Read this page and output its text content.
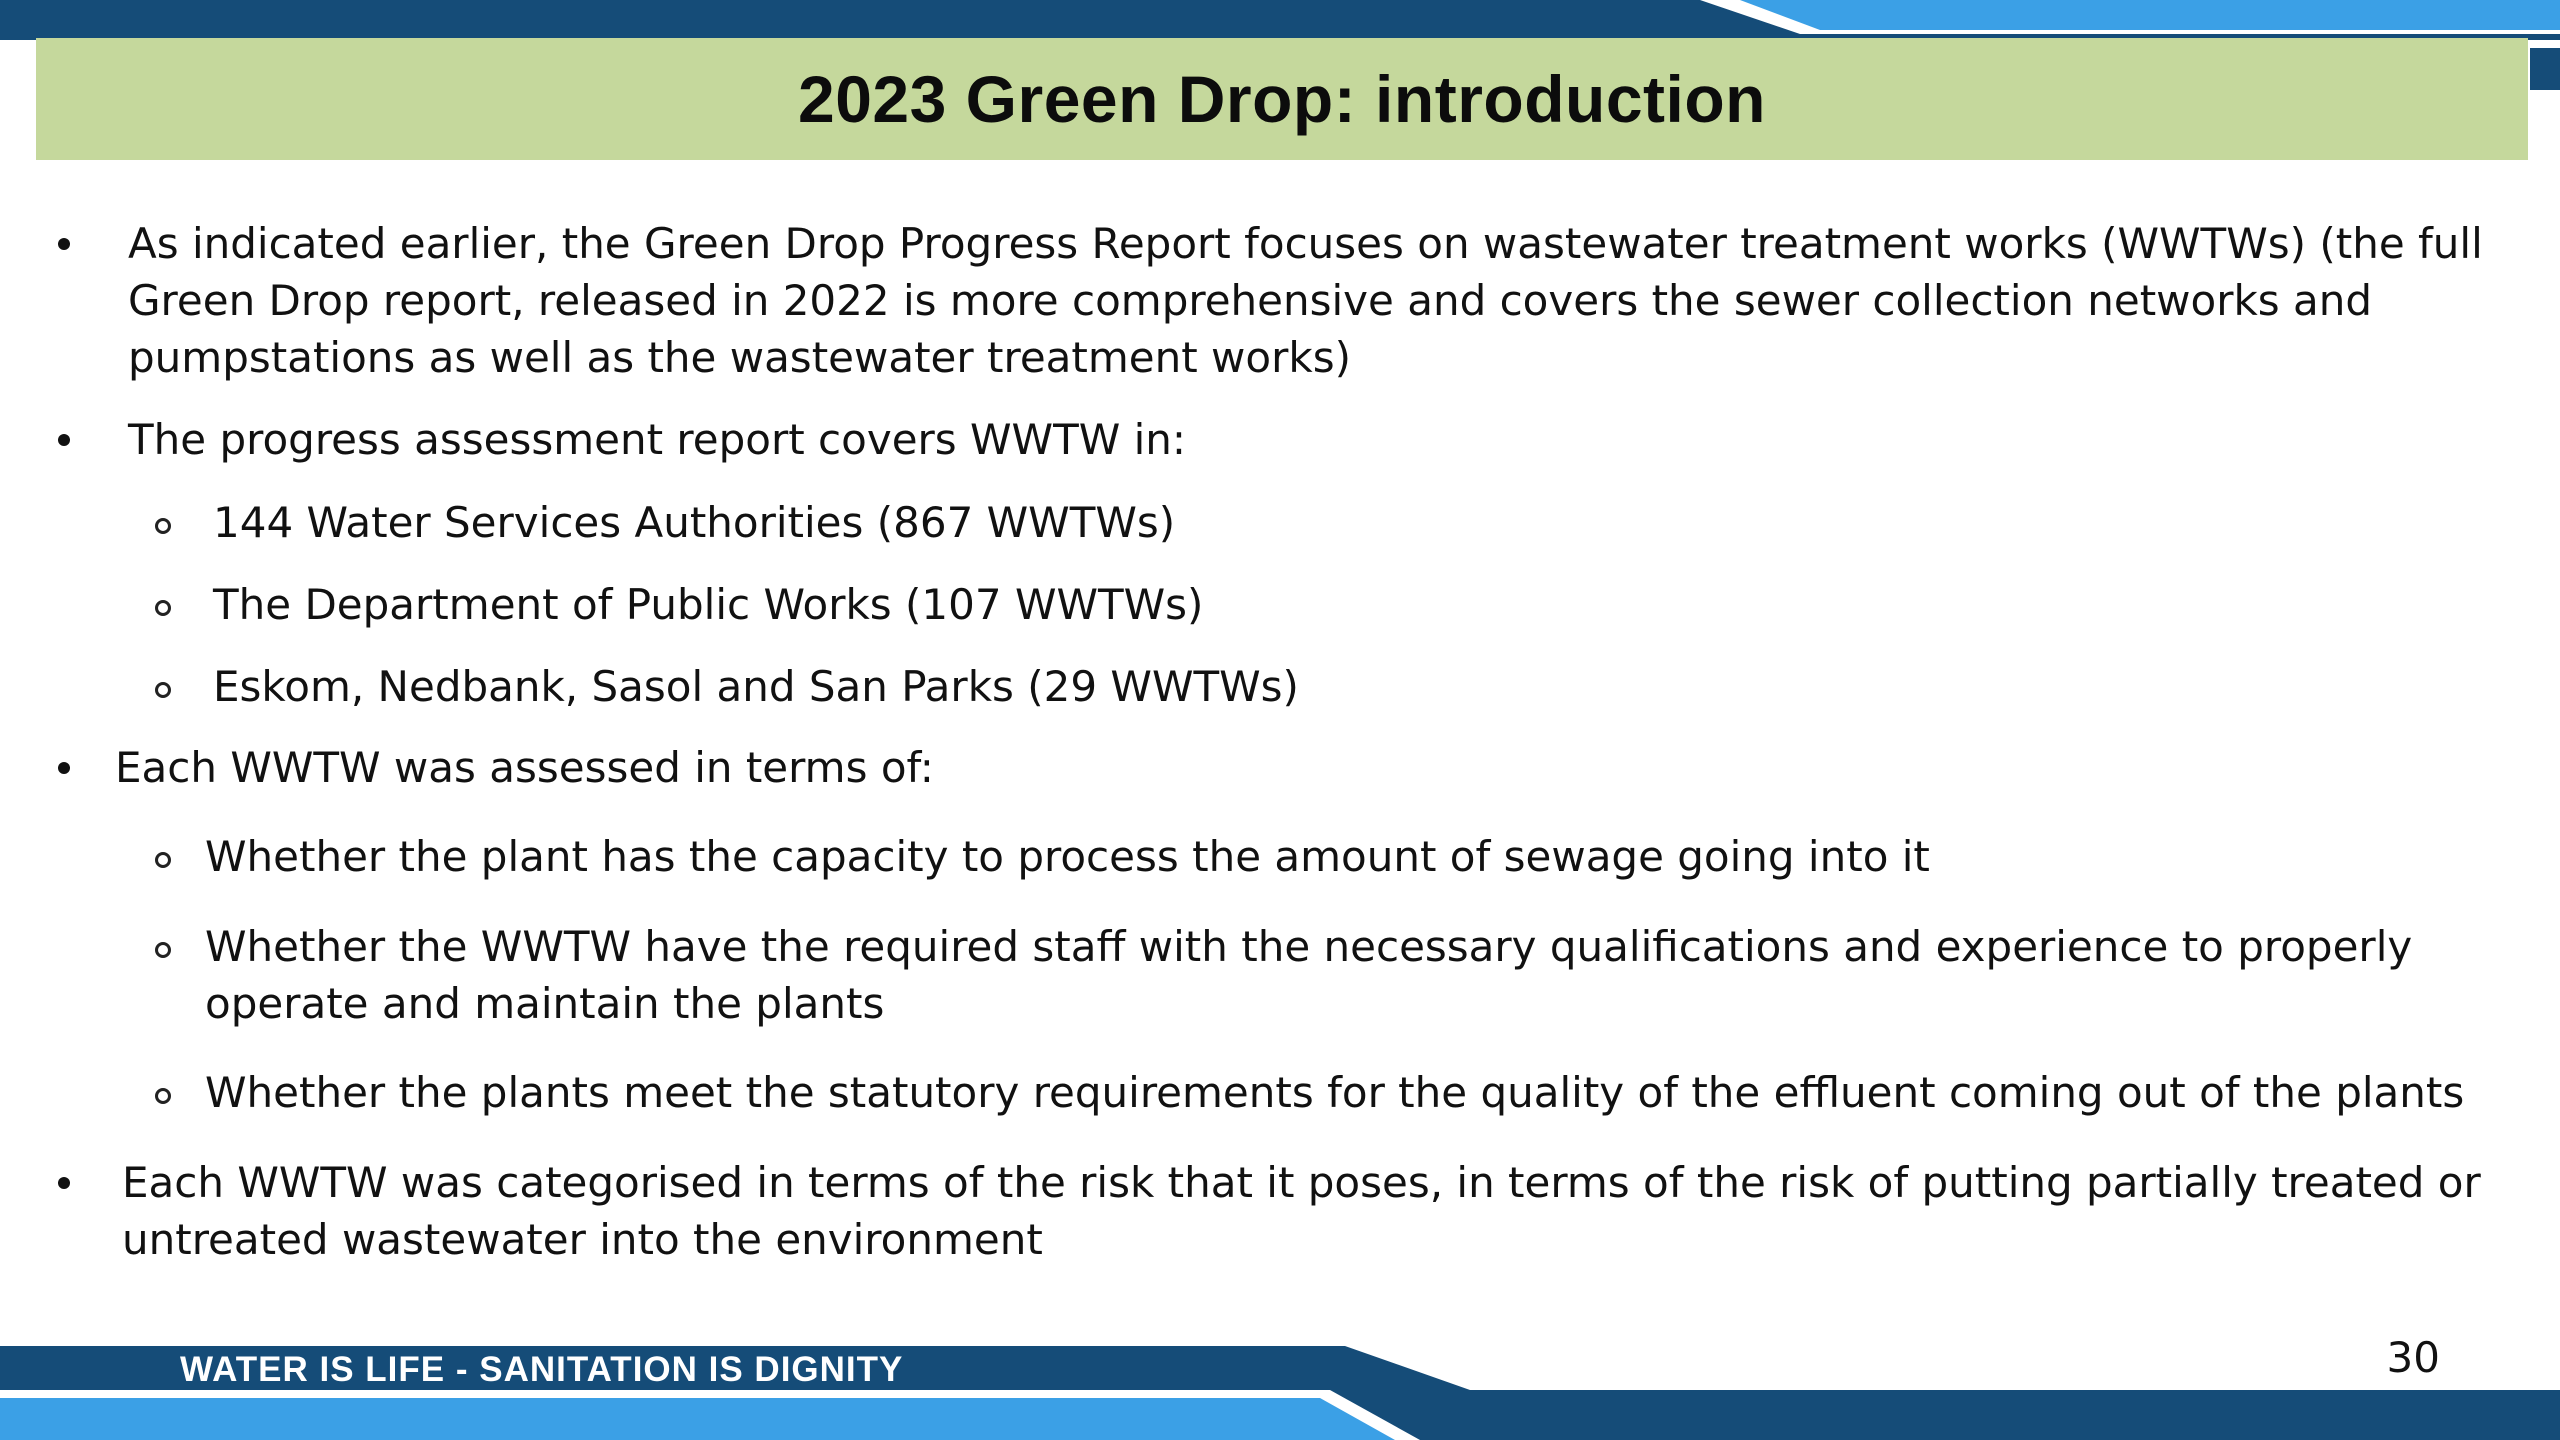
2023 Green Drop: introduction
As indicated earlier, the Green Drop Progress Report focuses on wastewater treatment works (WWTWs) (the full Green Drop report, released in 2022 is more comprehensive and covers the sewer collection networks and pumpstations as well as the wastewater treatment works)
The progress assessment report covers WWTW in:
144 Water Services Authorities (867 WWTWs)
The Department of Public Works (107 WWTWs)
Eskom, Nedbank, Sasol and San Parks (29 WWTWs)
Each WWTW was assessed in terms of:
Whether the plant has the capacity to process the amount of sewage going into it
Whether the WWTW have the required staff with the necessary qualifications and experience to properly operate and maintain the plants
Whether the plants meet the statutory requirements for the quality of the effluent coming out of the plants
Each WWTW was categorised in terms of the risk that it poses, in terms of the risk of putting partially treated or untreated wastewater into the environment
WATER IS LIFE - SANITATION IS DIGNITY	30
